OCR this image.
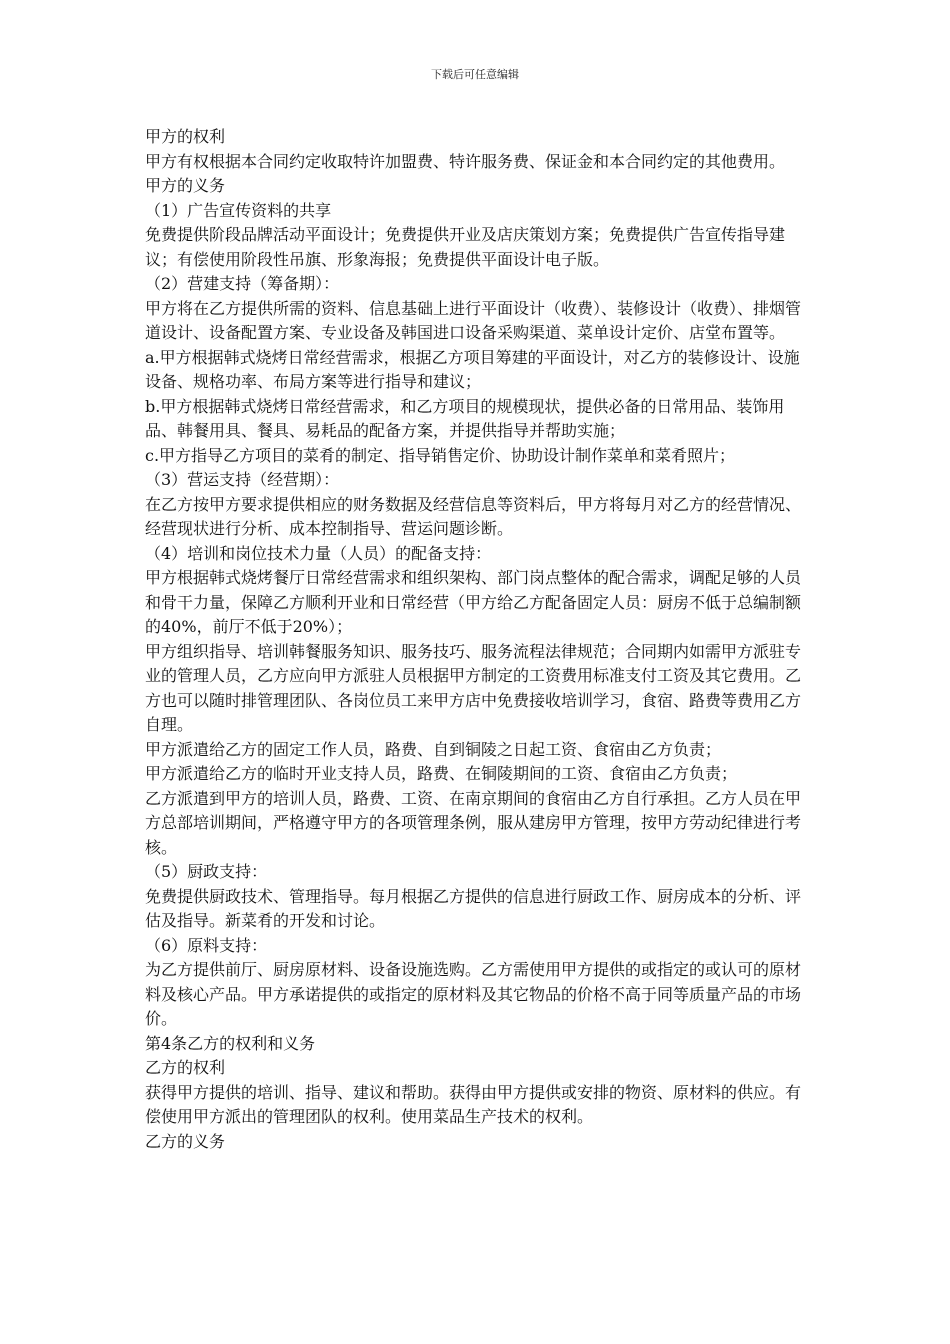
下载后可任意编辑

甲方的权利

甲方有权根据本合同约定收取特许加盟费、特许服务费、保证金和本合同约定的其他费用。

甲方的义务

（1）广告宣传资料的共享

免费提供阶段品牌活动平面设计；免费提供开业及店庆策划方案；免费提供广告宣传指导建议；有偿使用阶段性吊旗、形象海报；免费提供平面设计电子版。

（2）营建支持（筹备期）：

甲方将在乙方提供所需的资料、信息基础上进行平面设计（收费）、装修设计（收费）、排烟管道设计、设备配置方案、专业设备及韩国进口设备采购渠道、菜单设计定价、店堂布置等。

a.甲方根据韩式烧烤日常经营需求，根据乙方项目筹建的平面设计，对乙方的装修设计、设施设备、规格功率、布局方案等进行指导和建议；

b.甲方根据韩式烧烤日常经营需求，和乙方项目的规模现状，提供必备的日常用品、装饰用品、韩餐用具、餐具、易耗品的配备方案，并提供指导并帮助实施；

c.甲方指导乙方项目的菜肴的制定、指导销售定价、协助设计制作菜单和菜肴照片；

（3）营运支持（经营期）：

在乙方按甲方要求提供相应的财务数据及经营信息等资料后，甲方将每月对乙方的经营情况、经营现状进行分析、成本控制指导、营运问题诊断。

（4）培训和岗位技术力量（人员）的配备支持：

甲方根据韩式烧烤餐厅日常经营需求和组织架构、部门岗点整体的配合需求，调配足够的人员和骨干力量，保障乙方顺利开业和日常经营（甲方给乙方配备固定人员：厨房不低于总编制额的40%，前厅不低于20%）；

甲方组织指导、培训韩餐服务知识、服务技巧、服务流程法律规范；合同期内如需甲方派驻专业的管理人员，乙方应向甲方派驻人员根据甲方制定的工资费用标准支付工资及其它费用。乙方也可以随时排管理团队、各岗位员工来甲方店中免费接收培训学习，食宿、路费等费用乙方自理。

甲方派遣给乙方的固定工作人员，路费、自到铜陵之日起工资、食宿由乙方负责；

甲方派遣给乙方的临时开业支持人员，路费、在铜陵期间的工资、食宿由乙方负责；

乙方派遣到甲方的培训人员，路费、工资、在南京期间的食宿由乙方自行承担。乙方人员在甲方总部培训期间，严格遵守甲方的各项管理条例，服从建房甲方管理，按甲方劳动纪律进行考核。

（5）厨政支持：

免费提供厨政技术、管理指导。每月根据乙方提供的信息进行厨政工作、厨房成本的分析、评估及指导。新菜肴的开发和讨论。

（6）原料支持：

为乙方提供前厅、厨房原材料、设备设施选购。乙方需使用甲方提供的或指定的或认可的原材料及核心产品。甲方承诺提供的或指定的原材料及其它物品的价格不高于同等质量产品的市场价。

第4条乙方的权利和义务

乙方的权利

获得甲方提供的培训、指导、建议和帮助。获得由甲方提供或安排的物资、原材料的供应。有偿使用甲方派出的管理团队的权利。使用菜品生产技术的权利。

乙方的义务
